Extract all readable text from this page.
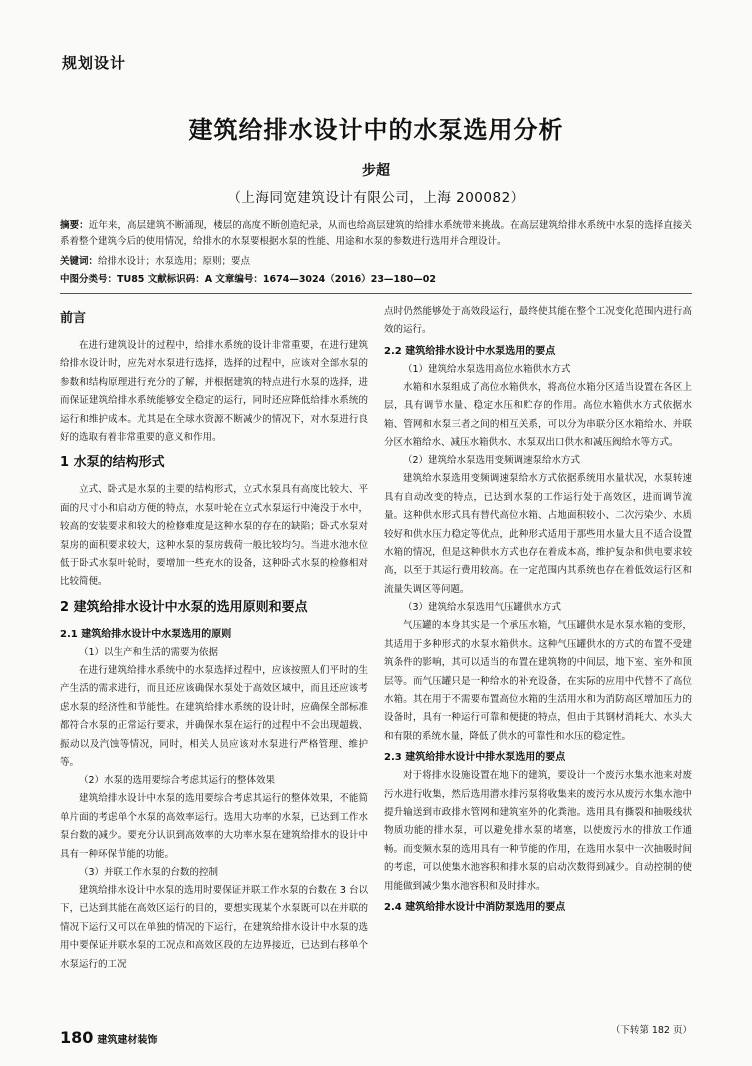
规划设计
建筑给排水设计中的水泵选用分析
步超
（上海同宽建筑设计有限公司，上海 200082）
摘要：近年来，高层建筑不断涌现，楼层的高度不断创造纪录，从而也给高层建筑的给排水系统带来挑战。在高层建筑给排水系统中水泵的选择直接关系着整个建筑今后的使用情况，给排水的水泵要根据水泵的性能、用途和水泵的参数进行选用并合理设计。
关键词：给排水设计；水泵选用；原则；要点
中图分类号：TU85 文献标识码：A 文章编号：1674—3024（2016）23—180—02
前言

在进行建筑设计的过程中，给排水系统的设计非常重要，在进行建筑给排水设计时，应先对水泵进行选择，选择的过程中，应该对全部水泵的参数和结构原理进行充分的了解，并根据建筑的特点进行水泵的选择，进而保证建筑给排水系统能够安全稳定的运行，同时还应降低给排水系统的运行和维护成本。尤其是在全球水资源不断减少的情况下，对水泵进行良好的选取有着非常重要的意义和作用。

1 水泵的结构形式

立式、卧式是水泵的主要的结构形式，立式水泵具有高度比较大、平面的尺寸小和启动方便的特点，水泵叶轮在立式水泵运行中淹没于水中，较高的安装要求和较大的检修难度是这种水泵的存在的缺陷；卧式水泵对泵房的面积要求较大，这种水泵的泵房载荷一般比较均匀。当进水池水位低于卧式水泵叶轮时，要增加一些充水的设备，这种卧式水泵的检修相对比较简便。

2 建筑给排水设计中水泵的选用原则和要点
2.1 建筑给排水设计中水泵选用的原则
（1）以生产和生活的需要为依据

在进行建筑给排水系统中的水泵选择过程中，应该按照人们平时的生产生活的需求进行，而且还应该确保水泵处于高效区域中，而且还应该考虑水泵的经济性和节能性。在建筑给排水系统的设计时，应确保全部标准都符合水泵的正常运行要求，并确保水泵在运行的过程中不会出现超载、振动以及汽蚀等情况，同时，相关人员应该对水泵进行严格管理、维护等。

（2）水泵的选用要综合考虑其运行的整体效果

建筑给排水设计中水泵的选用要综合考虑其运行的整体效果，不能简单片面的考虑单个水泵的高效率运行。选用大功率的水泵，已达到工作水泵台数的减少。要充分认识到高效率的大功率水泵在建筑给排水的设计中具有一种环保节能的功能。

（3）并联工作水泵的台数的控制

建筑给排水设计中水泵的选用时要保证并联工作水泵的台数在 3 台以下，已达到其能在高效区运行的目的，要想实现某个水泵既可以在并联的情况下运行又可以在单独的情况的下运行，在建筑给排水设计中水泵的选用中要保证并联水泵的工况点和高效区段的左边界接近，已达到右移单个水泵运行的工况

点时仍然能够处于高效段运行，最终使其能在整个工况变化范围内进行高效的运行。

2.2 建筑给排水设计中水泵选用的要点
（1）建筑给水泵选用高位水箱供水方式

水箱和水泵组成了高位水箱供水，将高位水箱分区适当设置在各区上层，具有调节水量、稳定水压和贮存的作用。高位水箱供水方式依据水箱、管网和水泵三者之间的相互关系，可以分为串联分区水箱给水、并联分区水箱给水、减压水箱供水、水泵双出口供水和减压阀给水等方式。

（2）建筑给水泵选用变频调速泵给水方式

建筑给水泵选用变频调速泵给水方式依据系统用水量状况，水泵转速具有自动改变的特点，已达到水泵的工作运行处于高效区，进而调节流量。这种供水形式具有替代高位水箱、占地面积较小、二次污染少、水质较好和供水压力稳定等优点，此种形式适用于那些用水量大且不适合设置水箱的情况，但是这种供水方式也存在着成本高，维护复杂和供电要求较高，以至于其运行费用较高。在一定范围内其系统也存在着低效运行区和流量失调区等问题。

（3）建筑给水泵选用气压罐供水方式

气压罐的本身其实是一个承压水箱，气压罐供水是水泵水箱的变形，其适用于多种形式的水泵水箱供水。这种气压罐供水的方式的布置不受建筑条件的影响，其可以适当的布置在建筑物的中间层，地下室、室外和顶层等。而气压罐只是一种给水的补充设备，在实际的应用中代替不了高位水箱。其在用于不需要布置高位水箱的生活用水和为消防高区增加压力的设备时，具有一种运行可靠和便捷的特点，但由于其钢材消耗大、水头大和有限的系统水量，降低了供水的可靠性和水压的稳定性。

2.3 建筑给排水设计中排水泵选用的要点

对于将排水设施设置在地下的建筑，要设计一个废污水集水池来对废污水进行收集，然后选用潜水排污泵将收集来的废污水从废污水集水池中提升输送到市政排水管网和建筑室外的化粪池。选用具有撕裂和抽吸线状物质功能的排水泵，可以避免排水泵的堵塞，以使废污水的排放工作通畅。而变频水泵的选用具有一种节能的作用，在选用水泵中一次抽吸时间的考虑，可以使集水池容积和排水泵的启动次数得到减少。自动控制的使用能做到减少集水池容积和及时排水。

2.4 建筑给排水设计中消防泵选用的要点
（下转第 182 页）
180 建筑建材装饰
